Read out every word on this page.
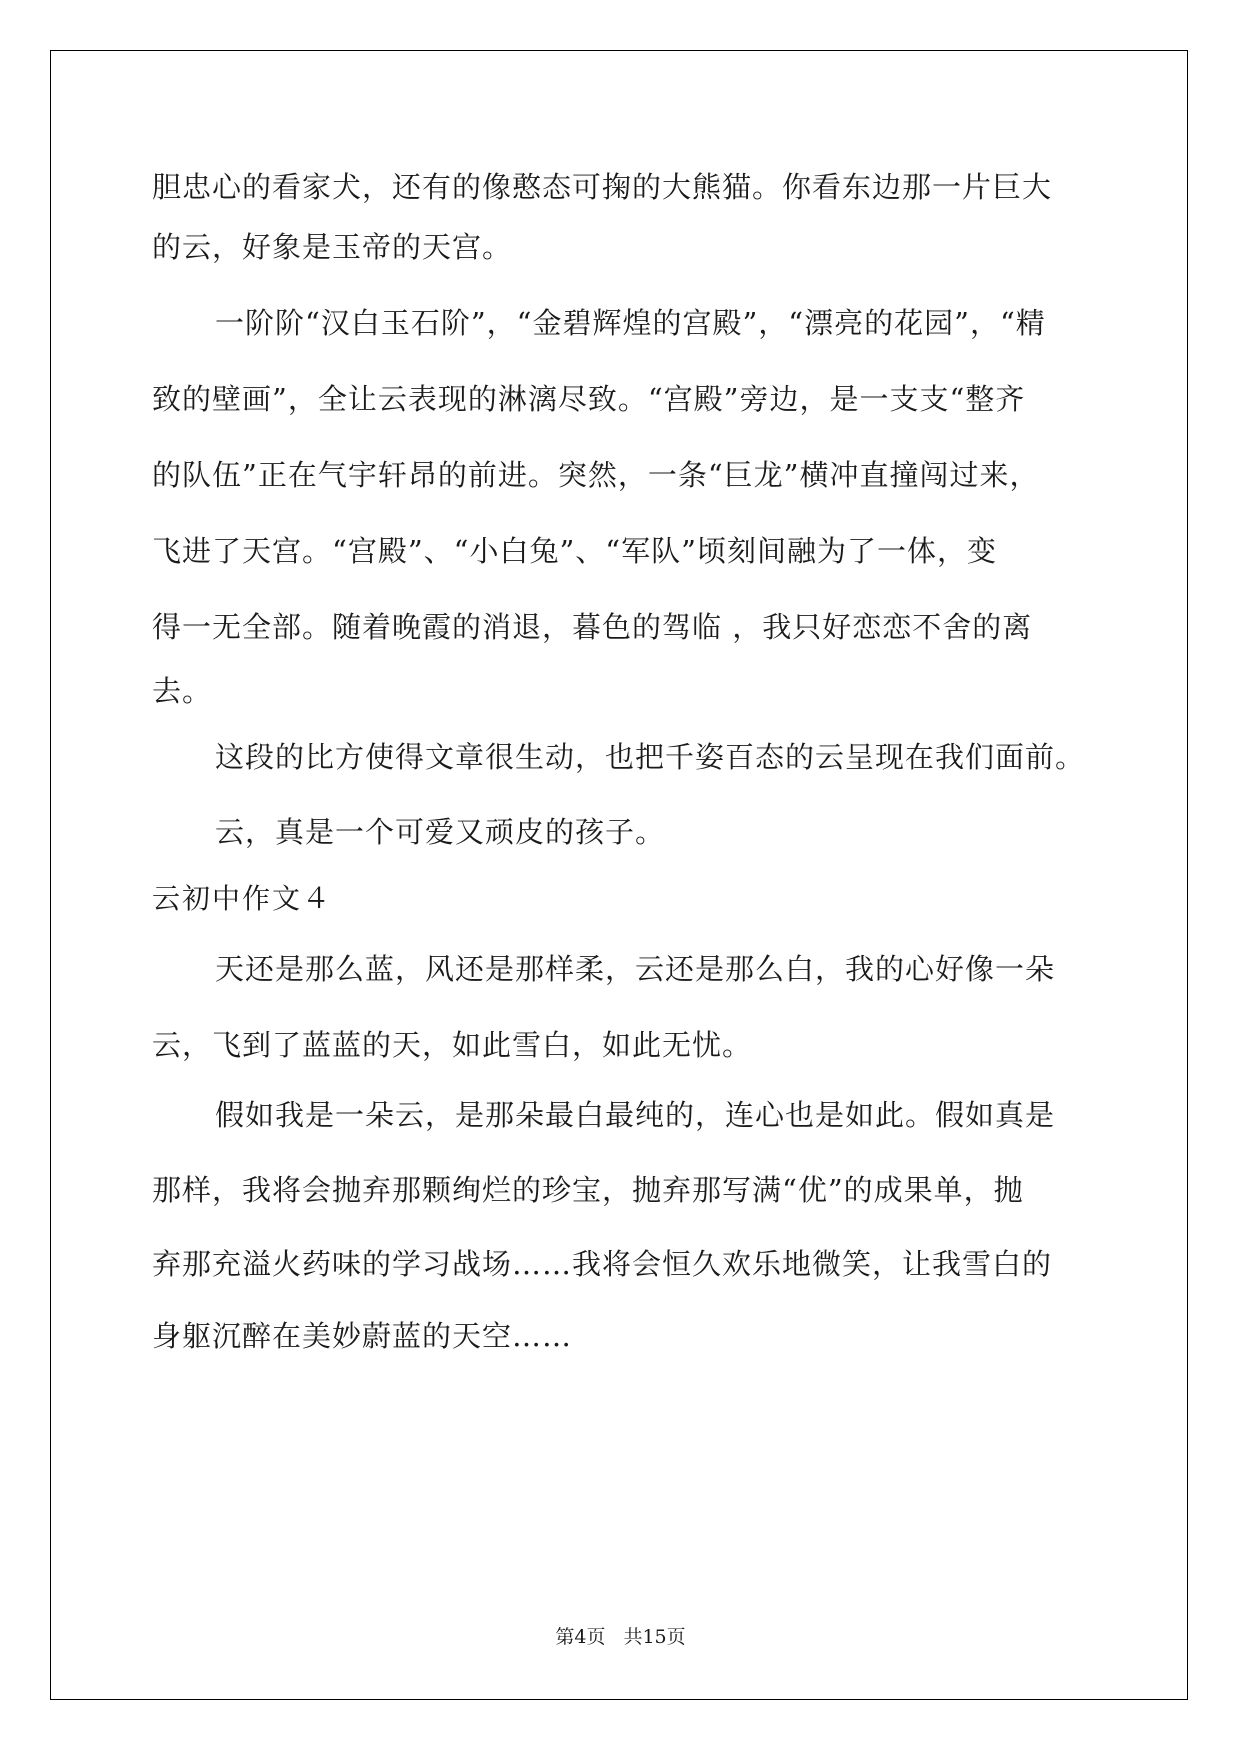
胆忠心的看家犬，还有的像憨态可掬的大熊猫。你看东边那一片巨大
的云，好象是玉帝的天宫。
一阶阶“汉白玉石阶”，“金碧辉煌的宫殿”，“漂亮的花园”，“精
致的壁画”，全让云表现的淋漓尽致。“宫殿”旁边，是一支支“整齐
的队伍”正在气宇轩昂的前进。突然，一条“巨龙”横冲直撞闯过来，
飞进了天宫。“宫殿”、“小白兔”、“军队”顷刻间融为了一体，变
得一无全部。随着晚霞的消退，暮色的驾临 ，我只好恋恋不舍的离
去。
这段的比方使得文章很生动，也把千姿百态的云呈现在我们面前。
云，真是一个可爱又顽皮的孩子。
云初中作文４
天还是那么蓝，风还是那样柔，云还是那么白，我的心好像一朵
云，飞到了蓝蓝的天，如此雪白，如此无忧。
假如我是一朵云，是那朵最白最纯的，连心也是如此。假如真是
那样，我将会抛弃那颗绚烂的珍宝，抛弃那写满“优”的成果单，抛
弃那充溢火药味的学习战场……我将会恒久欢乐地微笑，让我雪白的
身躯沉醉在美妙蔚蓝的天空……
第4页 共15页
